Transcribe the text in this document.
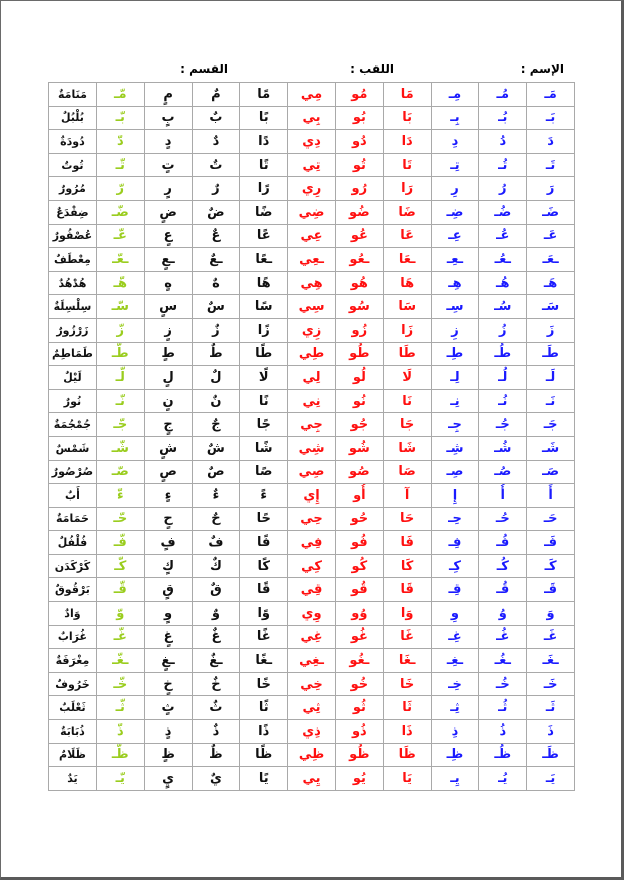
الإسم :
اللقب :
القسم :
مَـ	مُـ	مِـ	مَا	مُو	مِي	مًا	مٌ	مٍ	مّـ	مَنَامَةٌ
بَـ	بُـ	بِـ	بَا	بُو	بِي	بًا	بٌ	بٍ	بّـ	بُلْبُلٌ
دَ	دُ	دِ	دَا	دُو	دِي	دًا	دٌ	دٍ	دّ	دُودَةٌ
تَـ	تُـ	تِـ	تَا	تُو	تِي	تًا	تٌ	تٍ	تّـ	تُوتٌ
رَ	رُ	رِ	رَا	رُو	رِي	رًا	رٌ	رٍ	رّ	مُرُورٌ
ضَـ	ضُـ	ضِـ	ضَا	ضُو	ضِي	ضًا	ضٌ	ضٍ	ضّـ	ضِفْدَعٌ
عَـ	عُـ	عِـ	عَا	عُو	عِي	عًا	عٌ	عٍ	عّـ	عُصْفُورٌ
ـعَـ	ـعُـ	ـعِـ	ـعَا	ـعُو	ـعِي	ـعًا	ـعٌ	ـعٍ	ـعّـ	مِعْطَفٌ
هَـ	هُـ	هِـ	هَا	هُو	هِي	هًا	هٌ	هٍ	هّـ	هُدْهُدٌ
سَـ	سُـ	سِـ	سَا	سُو	سِي	سًا	سٌ	سٍ	سّـ	سِلْسِلَةٌ
زَ	زُ	زِ	زَا	زُو	زِي	زًا	زٌ	زٍ	زّ	زَرْزُورٌ
طَـ	طُـ	طِـ	طَا	طُو	طِي	طًا	طٌ	طٍ	طّـ	طَمَاطِمٌ
لَـ	لُـ	لِـ	لَا	لُو	لِي	لًا	لٌ	لٍ	لّـ	لَيْلٌ
نَـ	نُـ	نِـ	نَا	نُو	نِي	نًا	نٌ	نٍ	نّـ	نُورٌ
جَـ	جُـ	جِـ	جَا	جُو	جِي	جًا	جٌ	جٍ	جّـ	جُمْجُمَةٌ
شَـ	شُـ	شِـ	شَا	شُو	شِي	شًا	شٌ	شٍ	شّـ	شَمْسٌ
صَـ	صُـ	صِـ	صَا	صُو	صِي	صًا	صٌ	صٍ	صّـ	صُرْصُورٌ
أَ	أُ	إِ	آ	أُو	إِي	ءً	ءٌ	ءٍ	ءّ	أَبٌ
حَـ	حُـ	حِـ	حَا	حُو	حِي	حًا	حٌ	حٍ	حّـ	حَمَامَةٌ
فَـ	فُـ	فِـ	فَا	فُو	فِي	فًا	فٌ	فٍ	فّـ	فُلْفُلٌ
كَـ	كُـ	كِـ	كَا	كُو	كِي	كًا	كٌ	كٍ	كّـ	كَرْكَدَن
قَـ	قُـ	قِـ	قَا	قُو	قِي	قًا	قٌ	قٍ	قّـ	بَرْقُوقٌ
وَ	وُ	وِ	وَا	وُو	وِي	وًا	وٌ	وٍ	وّ	وَادٌ
غَـ	غُـ	غِـ	غَا	غُو	غِي	غًا	غٌ	غٍ	غّـ	غُرَابٌ
ـغَـ	ـغُـ	ـغِـ	ـغَا	ـغُو	ـغِي	ـغًا	ـغٌ	ـغٍ	ـغّـ	مِغْرَفَةٌ
خَـ	خُـ	خِـ	خَا	خُو	خِي	خًا	خٌ	خٍ	خّـ	خَرُوفٌ
ثَـ	ثُـ	ثِـ	ثَا	ثُو	ثِي	ثًا	ثٌ	ثٍ	ثّـ	ثَعْلَبٌ
ذَ	ذُ	ذِ	ذَا	ذُو	ذِي	ذًا	ذٌ	ذٍ	ذّ	ذُبَابَةٌ
ظَـ	ظُـ	ظِـ	ظَا	ظُو	ظِي	ظًا	ظٌ	ظٍ	ظّـ	ظَلَامٌ
يَـ	يُـ	يِـ	يَا	يُو	يِي	يًا	يٌ	يٍ	يّـ	يَدٌ
